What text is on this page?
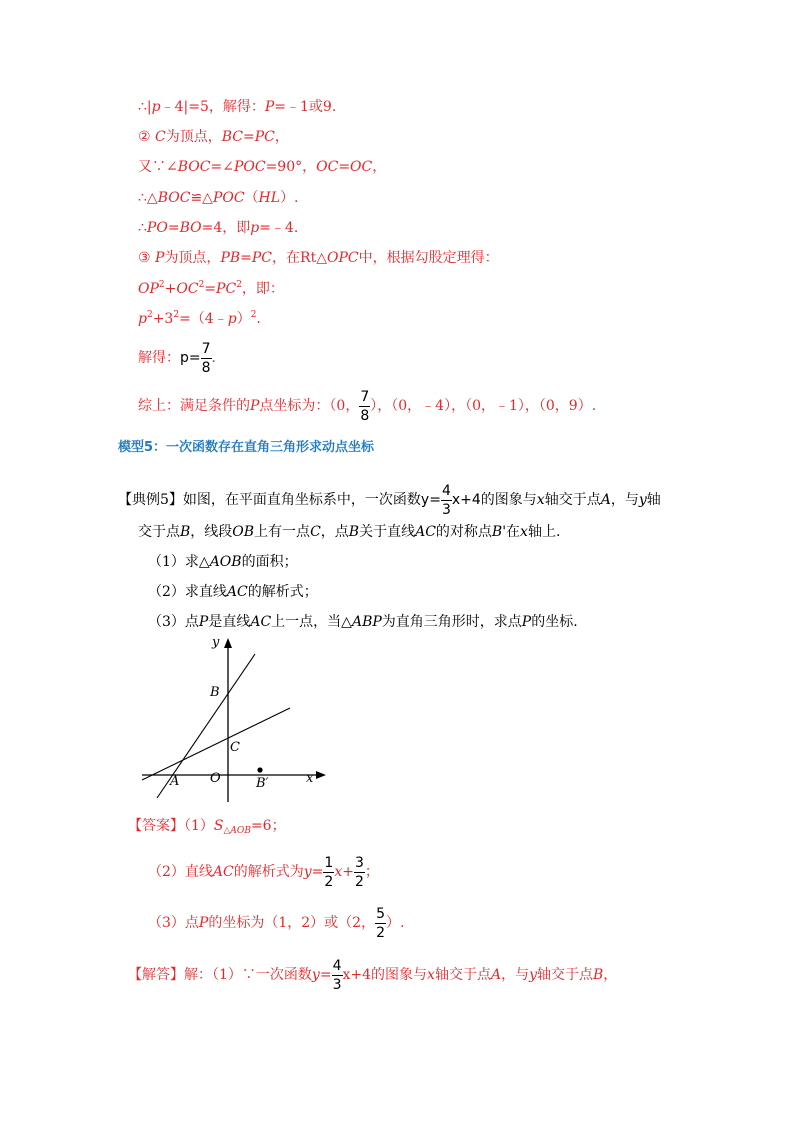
∴|p﹣4|=5，解得：P=﹣1或9.
② C为顶点，BC=PC，
又∵∠BOC=∠POC=90°，OC=OC，
∴△BOC≌△POC（HL）.
∴PO=BO=4，即p=﹣4.
③ P为顶点，PB=PC，在Rt△OPC中，根据勾股定理得：
$OP^2+OC^2=PC^2$，即：
$p^2+3^2=(4﹣p)^2$.
解得：$p= \frac{7}{8}$ .
综上：满足条件的P点坐标为：（0， $\frac{7}{8}$ ），（0，﹣4），（0，﹣1），（0，9）.
模型5：一次函数存在直角三角形求动点坐标
【典例5】如图，在平面直角坐标系中，一次函数$y= \frac{4}{3} x+4$的图象与x轴交于点A，与y轴
交于点B，线段OB上有一点C，点B关于直线AC的对称点B'在x轴上.
（1）求△AOB的面积；
（2）求直线AC的解析式；
（3）点P是直线AC上一点，当△ABP为直角三角形时，求点P的坐标.
y
x
B
C
A O	B′
【答案】$(1)S_{\triangle AOB}=6$；
（2）直线AC的解析式为$y= \frac{1}{2} x+ \frac{3}{2}$ ；
（3）点P的坐标为（1，2）或（2， $\frac{5}{2}$ ）.
【解答】解：（1）∵一次函数$y= \frac{4}{3} x+4$的图象与x轴交于点A，与y轴交于点B，
